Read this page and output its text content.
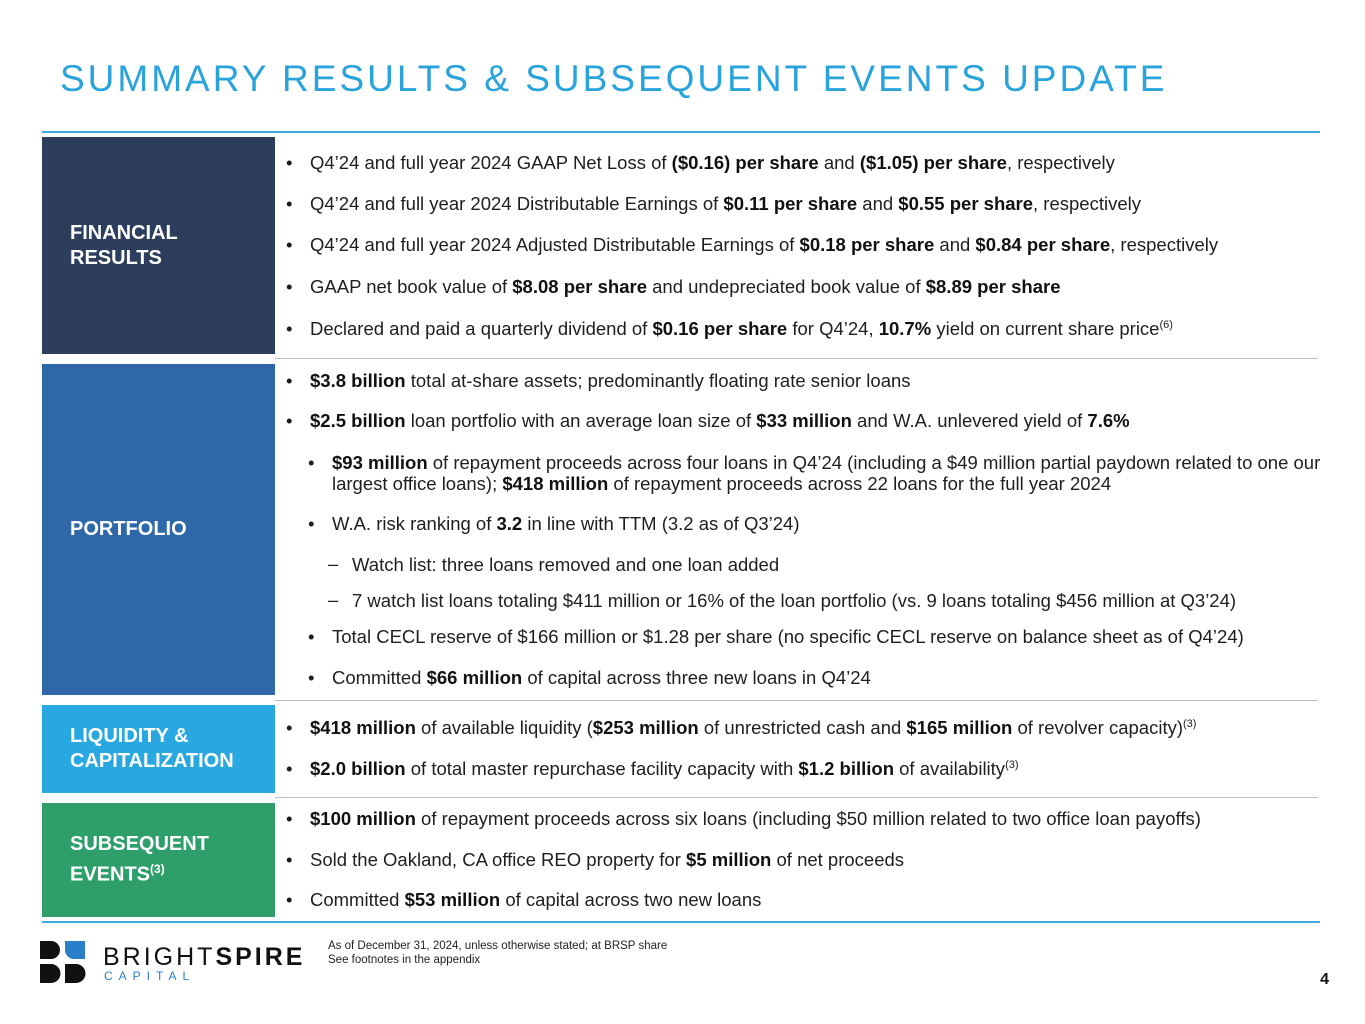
SUMMARY RESULTS & SUBSEQUENT EVENTS UPDATE
FINANCIAL RESULTS
PORTFOLIO
LIQUIDITY & CAPITALIZATION
SUBSEQUENT EVENTS$^{(3)}$
• Q4’24 and full year 2024 GAAP Net Loss of ($0.16) per share and ($1.05) per share, respectively
• Q4’24 and full year 2024 Distributable Earnings of $0.11 per share and $0.55 per share, respectively
• Q4’24 and full year 2024 Adjusted Distributable Earnings of $0.18 per share and $0.84 per share, respectively
• GAAP net book value of $8.08 per share and undepreciated book value of $8.89 per share
• Declared and paid a quarterly dividend of $0.16 per share for Q4’24, 10.7% yield on current share price$^{(6)}$
• $3.8 billion total at-share assets; predominantly floating rate senior loans
• $2.5 billion loan portfolio with an average loan size of $33 million and W.A. unlevered yield of 7.6%
• $93 million of repayment proceeds across four loans in Q4’24 (including a $49 million partial paydown related to one our largest office loans); $418 million of repayment proceeds across 22 loans for the full year 2024
• W.A. risk ranking of 3.2 in line with TTM (3.2 as of Q3’24)
– Watch list: three loans removed and one loan added
– 7 watch list loans totaling $411 million or 16% of the loan portfolio (vs. 9 loans totaling $456 million at Q3’24)
• Total CECL reserve of $166 million or $1.28 per share (no specific CECL reserve on balance sheet as of Q4’24)
• Committed $66 million of capital across three new loans in Q4’24
• $418 million of available liquidity ($253 million of unrestricted cash and $165 million of revolver capacity)$^{(3)}$
• $2.0 billion of total master repurchase facility capacity with $1.2 billion of availability$^{(3)}$
• $100 million of repayment proceeds across six loans (including $50 million related to two office loan payoffs)
• Sold the Oakland, CA office REO property for $5 million of net proceeds
• Committed $53 million of capital across two new loans
BRIGHTSPIRE
CAPITAL
As of December 31, 2024, unless otherwise stated; at BRSP share
See footnotes in the appendix
4
